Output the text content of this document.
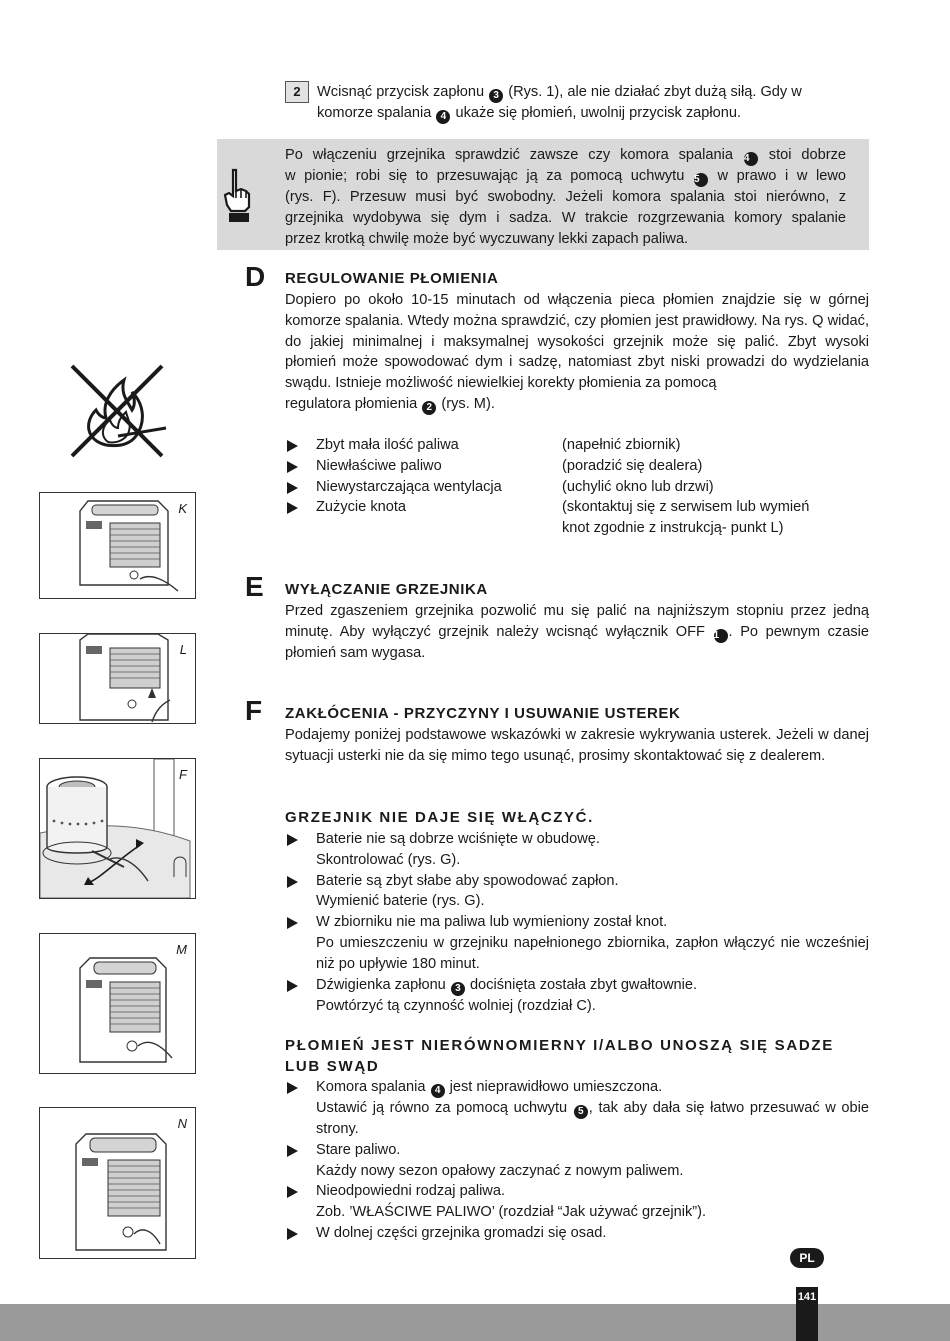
2	Wcisnąć przycisk zapłonu 3 (Rys. 1), ale nie działać zbyt dużą siłą. Gdy w
komorze spalania 4 ukaże się płomień, uwolnij przycisk zapłonu.
Po włączeniu grzejnika sprawdzić zawsze czy komora spalania 4 stoi dobrze
w pionie; robi się to przesuwając ją za pomocą uchwytu 5 w prawo i w lewo
(rys. F). Przesuw musi być swobodny. Jeżeli komora spalania stoi nierówno, z
grzejnika wydobywa się dym i sadza. W trakcie rozgrzewania komory spalanie
przez krotką chwilę może być wyczuwany lekki zapach paliwa.
D REGULOWANIE PŁOMIENIA
Dopiero po około 10-15 minutach od włączenia pieca płomien znajdzie się w górnej komorze spalania. Wtedy można sprawdzić, czy płomien jest prawidłowy. Na rys. Q widać, do jakiej minimalnej i maksymalnej wysokości grzejnik może się palić. Zbyt wysoki płomień może spowodować dym i sadzę, natomiast zbyt niski prowadzi do wydzielania swądu. Istnieje możliwość niewielkiej korekty płomienia za pomocą
regulatora płomienia 2 (rys. M).
Zbyt mała ilość paliwa	(napełnić zbiornik)
Niewłaściwe paliwo	(poradzić się dealera)
Niewystarczająca wentylacja	(uchylić okno lub drzwi)
Zużycie knota	(skontaktuj się z serwisem lub wymień
knot zgodnie z instrukcją- punkt L)
E WYŁĄCZANIE GRZEJNIKA
Przed zgaszeniem grzejnika pozwolić mu się palić na najniższym stopniu przez jedną
minutę. Aby wyłączyć grzejnik należy wcisnąć wyłącznik OFF 1 . Po pewnym czasie
płomień sam wygasa.
F ZAKŁÓCENIA - PRZYCZYNY I USUWANIE USTEREK
Podajemy poniżej podstawowe wskazówki w zakresie wykrywania usterek. Jeżeli w danej sytuacji usterki nie da się mimo tego usunąć, prosimy skontaktować się z dealerem.
GRZEJNIK NIE DAJE SIĘ WŁĄCZYĆ.
Baterie nie są dobrze wciśnięte w obudowę.
Skontrolować (rys. G).
Baterie są zbyt słabe aby spowodować zapłon.
Wymienić baterie (rys. G).
W zbiorniku nie ma paliwa lub wymieniony został knot.
Po umieszczeniu w grzejniku napełnionego zbiornika, zapłon włączyć nie wcześniej niż po upływie 180 minut.
Dźwigienka zapłonu 3 dociśnięta została zbyt gwałtownie.
Powtórzyć tą czynność wolniej (rozdział C).
PŁOMIEŃ JEST NIERÓWNOMIERNY I/ALBO UNOSZĄ SIĘ SADZE LUB SWĄD
Komora spalania 4 jest nieprawidłowo umieszczona.
Ustawić ją równo za pomocą uchwytu 5 , tak aby dała się łatwo przesuwać w obie strony.
Stare paliwo.
Każdy nowy sezon opałowy zaczynać z nowym paliwem.
Nieodpowiedni rodzaj paliwa.
Zob. ’WŁAŚCIWE PALIWO’ (rozdział “Jak używać grzejnik”).
W dolnej części grzejnika gromadzi się osad.
K
L
F
M
N
PL
141
